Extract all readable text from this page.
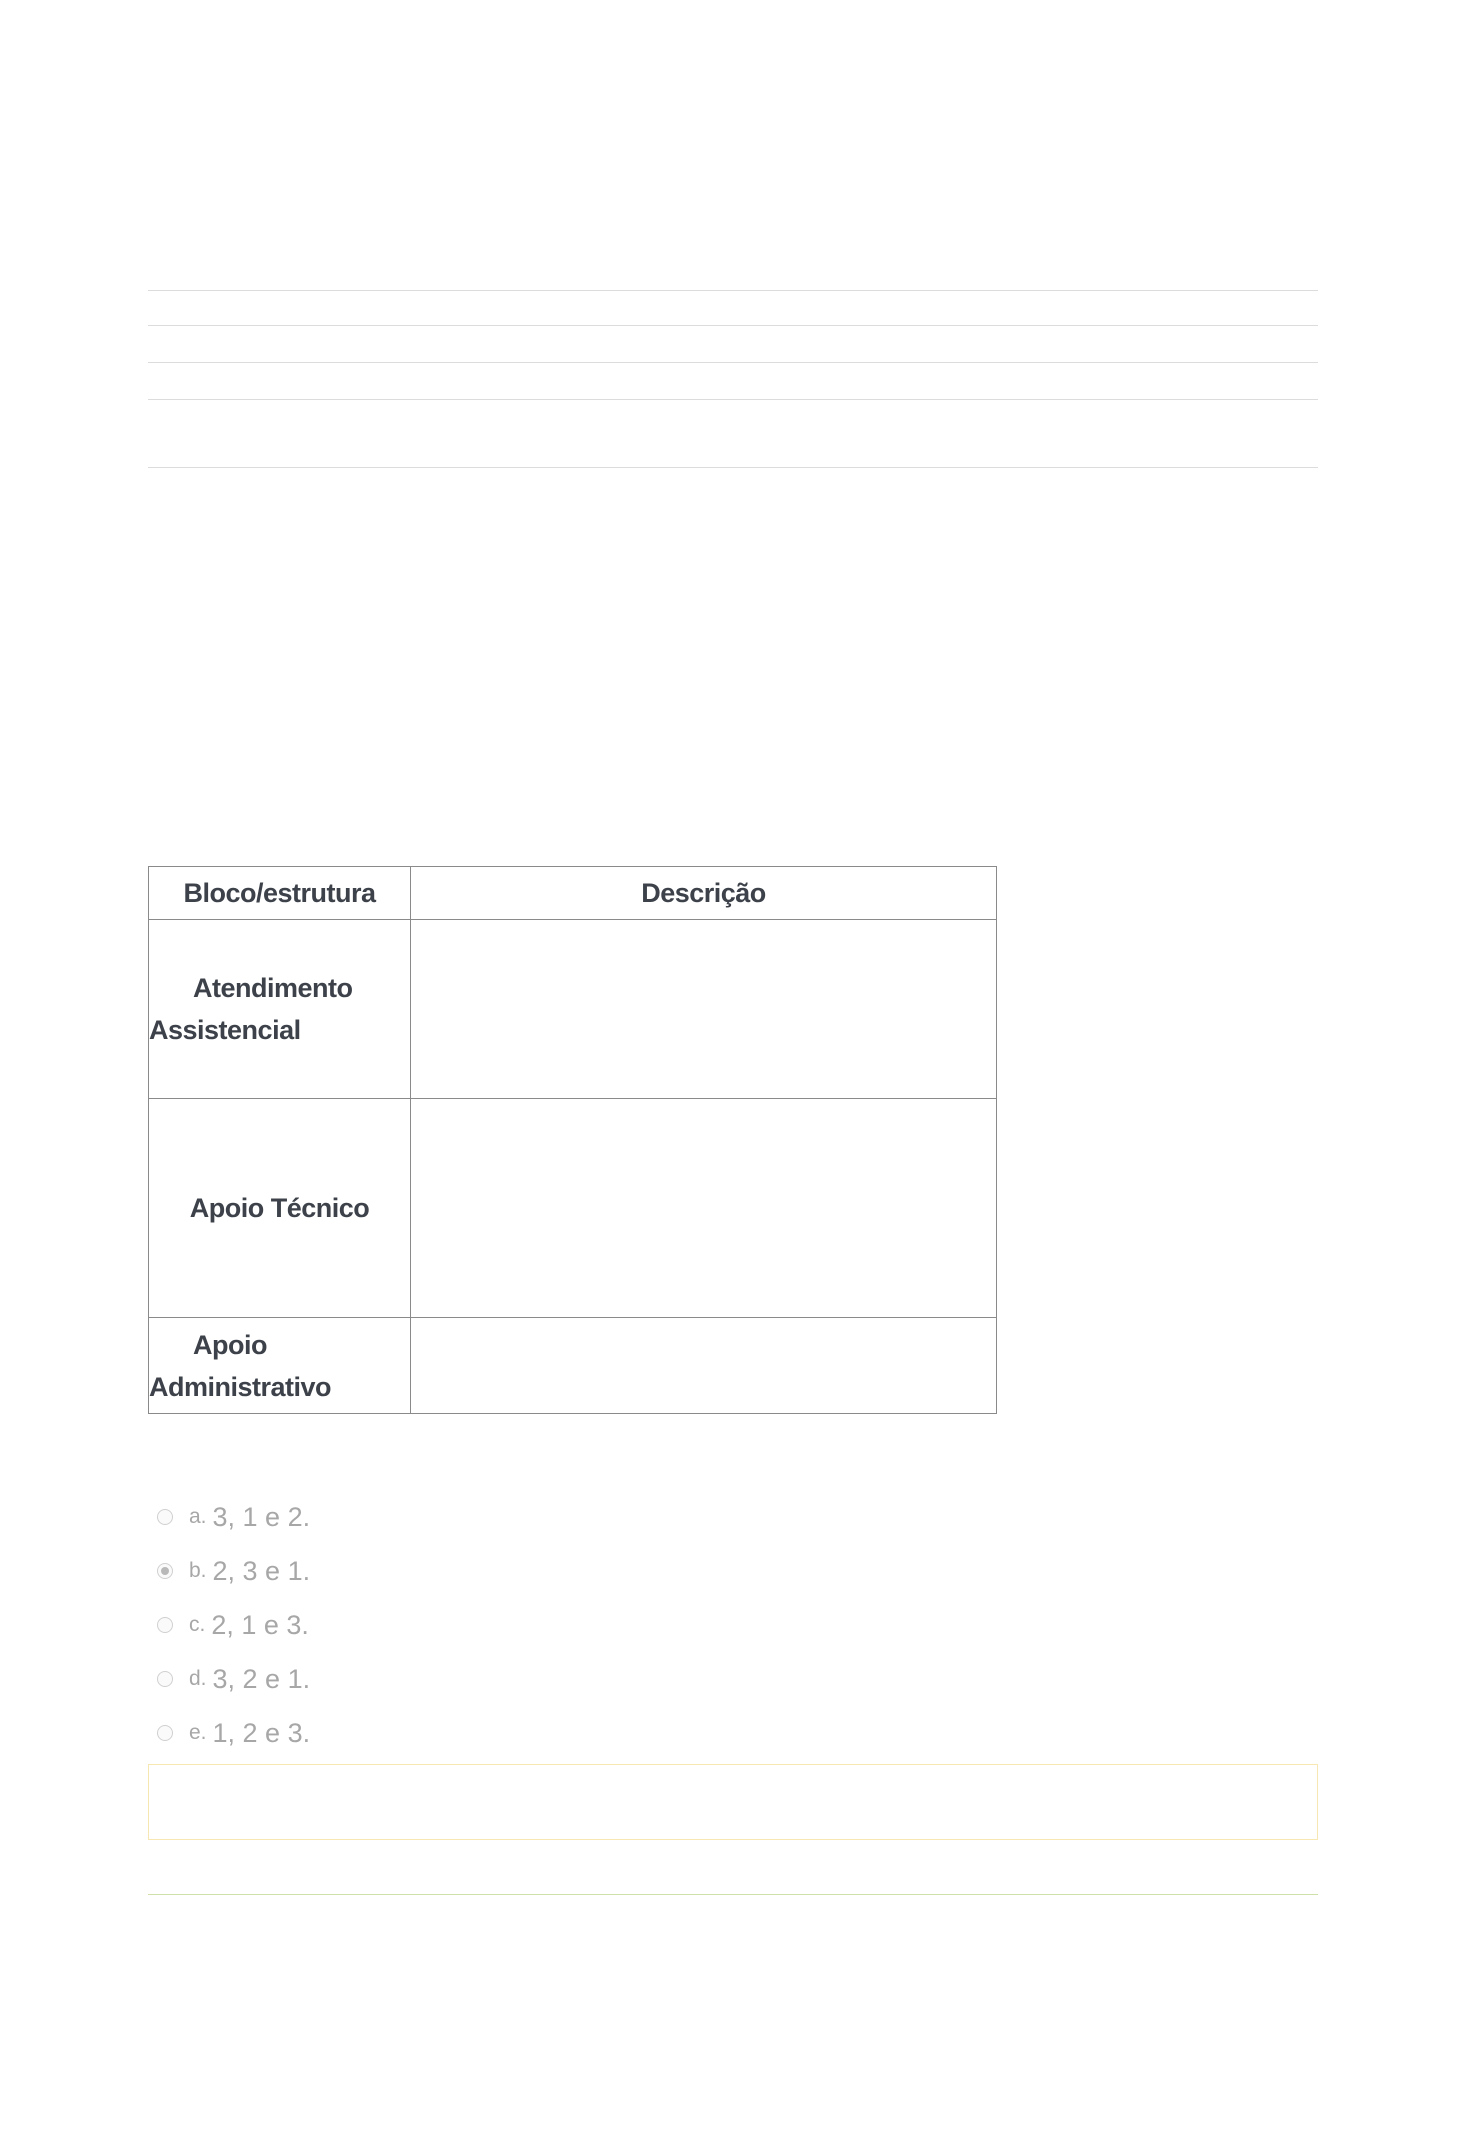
Bloco/estrutura	Descrição
Atendimento Assistencial	
Apoio Técnico	
Apoio Administrativo	
a. 3, 1 e 2.
b. 2, 3 e 1.
c. 2, 1 e 3.
d. 3, 2 e 1.
e. 1, 2 e 3.
